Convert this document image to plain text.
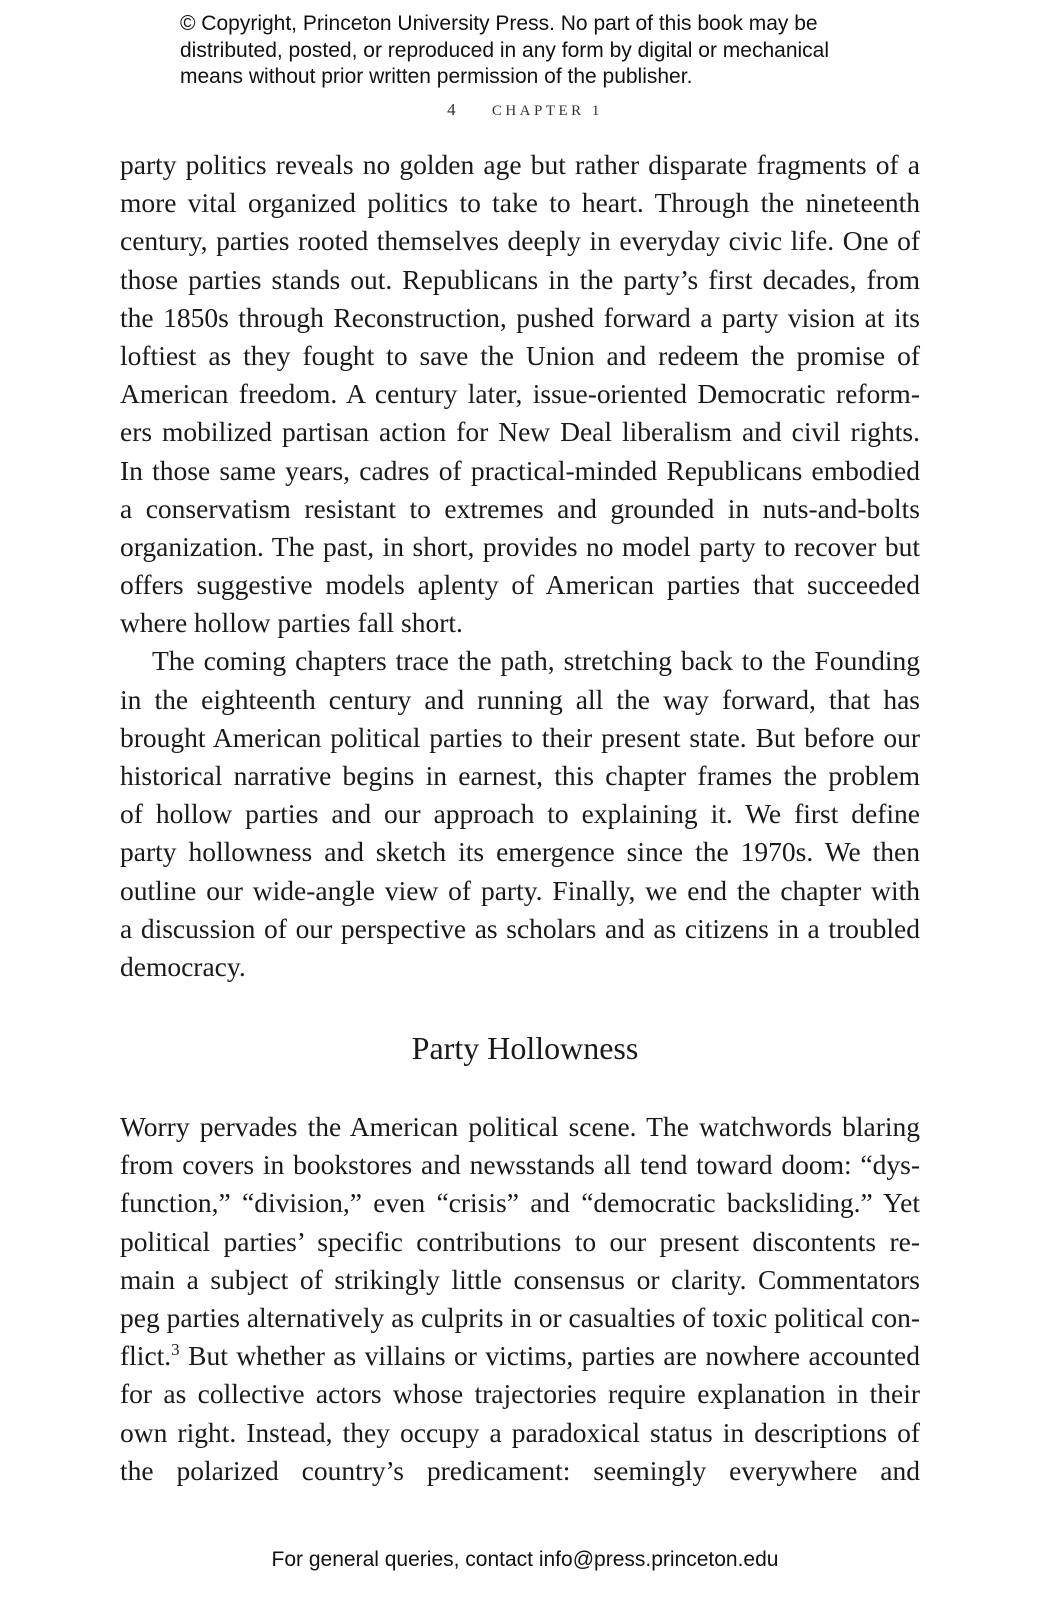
© Copyright, Princeton University Press. No part of this book may be
distributed, posted, or reproduced in any form by digital or mechanical
means without prior written permission of the publisher.
4 CHAPTER 1
party politics reveals no golden age but rather disparate fragments of a
more vital organized politics to take to heart. Through the nineteenth
century, parties rooted themselves deeply in everyday civic life. One of
those parties stands out. Republicans in the party’s first decades, from
the 1850s through Reconstruction, pushed forward a party vision at its
loftiest as they fought to save the Union and redeem the promise of
American freedom. A century later, issue-oriented Democratic reform-
ers mobilized partisan action for New Deal liberalism and civil rights.
In those same years, cadres of practical-minded Republicans embodied
a conservatism resistant to extremes and grounded in nuts-and-bolts
organization. The past, in short, provides no model party to recover but
offers suggestive models aplenty of American parties that succeeded
where hollow parties fall short.
The coming chapters trace the path, stretching back to the Founding
in the eighteenth century and running all the way forward, that has
brought American political parties to their present state. But before our
historical narrative begins in earnest, this chapter frames the problem
of hollow parties and our approach to explaining it. We first define
party hollowness and sketch its emergence since the 1970s. We then
outline our wide-angle view of party. Finally, we end the chapter with
a discussion of our perspective as scholars and as citizens in a troubled
democracy.
Party Hollowness
Worry pervades the American political scene. The watchwords blaring
from covers in bookstores and newsstands all tend toward doom: “dys-
function,” “division,” even “crisis” and “democratic backsliding.” Yet
political parties’ specific contributions to our present discontents re-
main a subject of strikingly little consensus or clarity. Commentators
peg parties alternatively as culprits in or casualties of toxic political con-
flict.$^3$ But whether as villains or victims, parties are nowhere accounted
for as collective actors whose trajectories require explanation in their
own right. Instead, they occupy a paradoxical status in descriptions of
the polarized country’s predicament: seemingly everywhere and
For general queries, contact info@press.princeton.edu
